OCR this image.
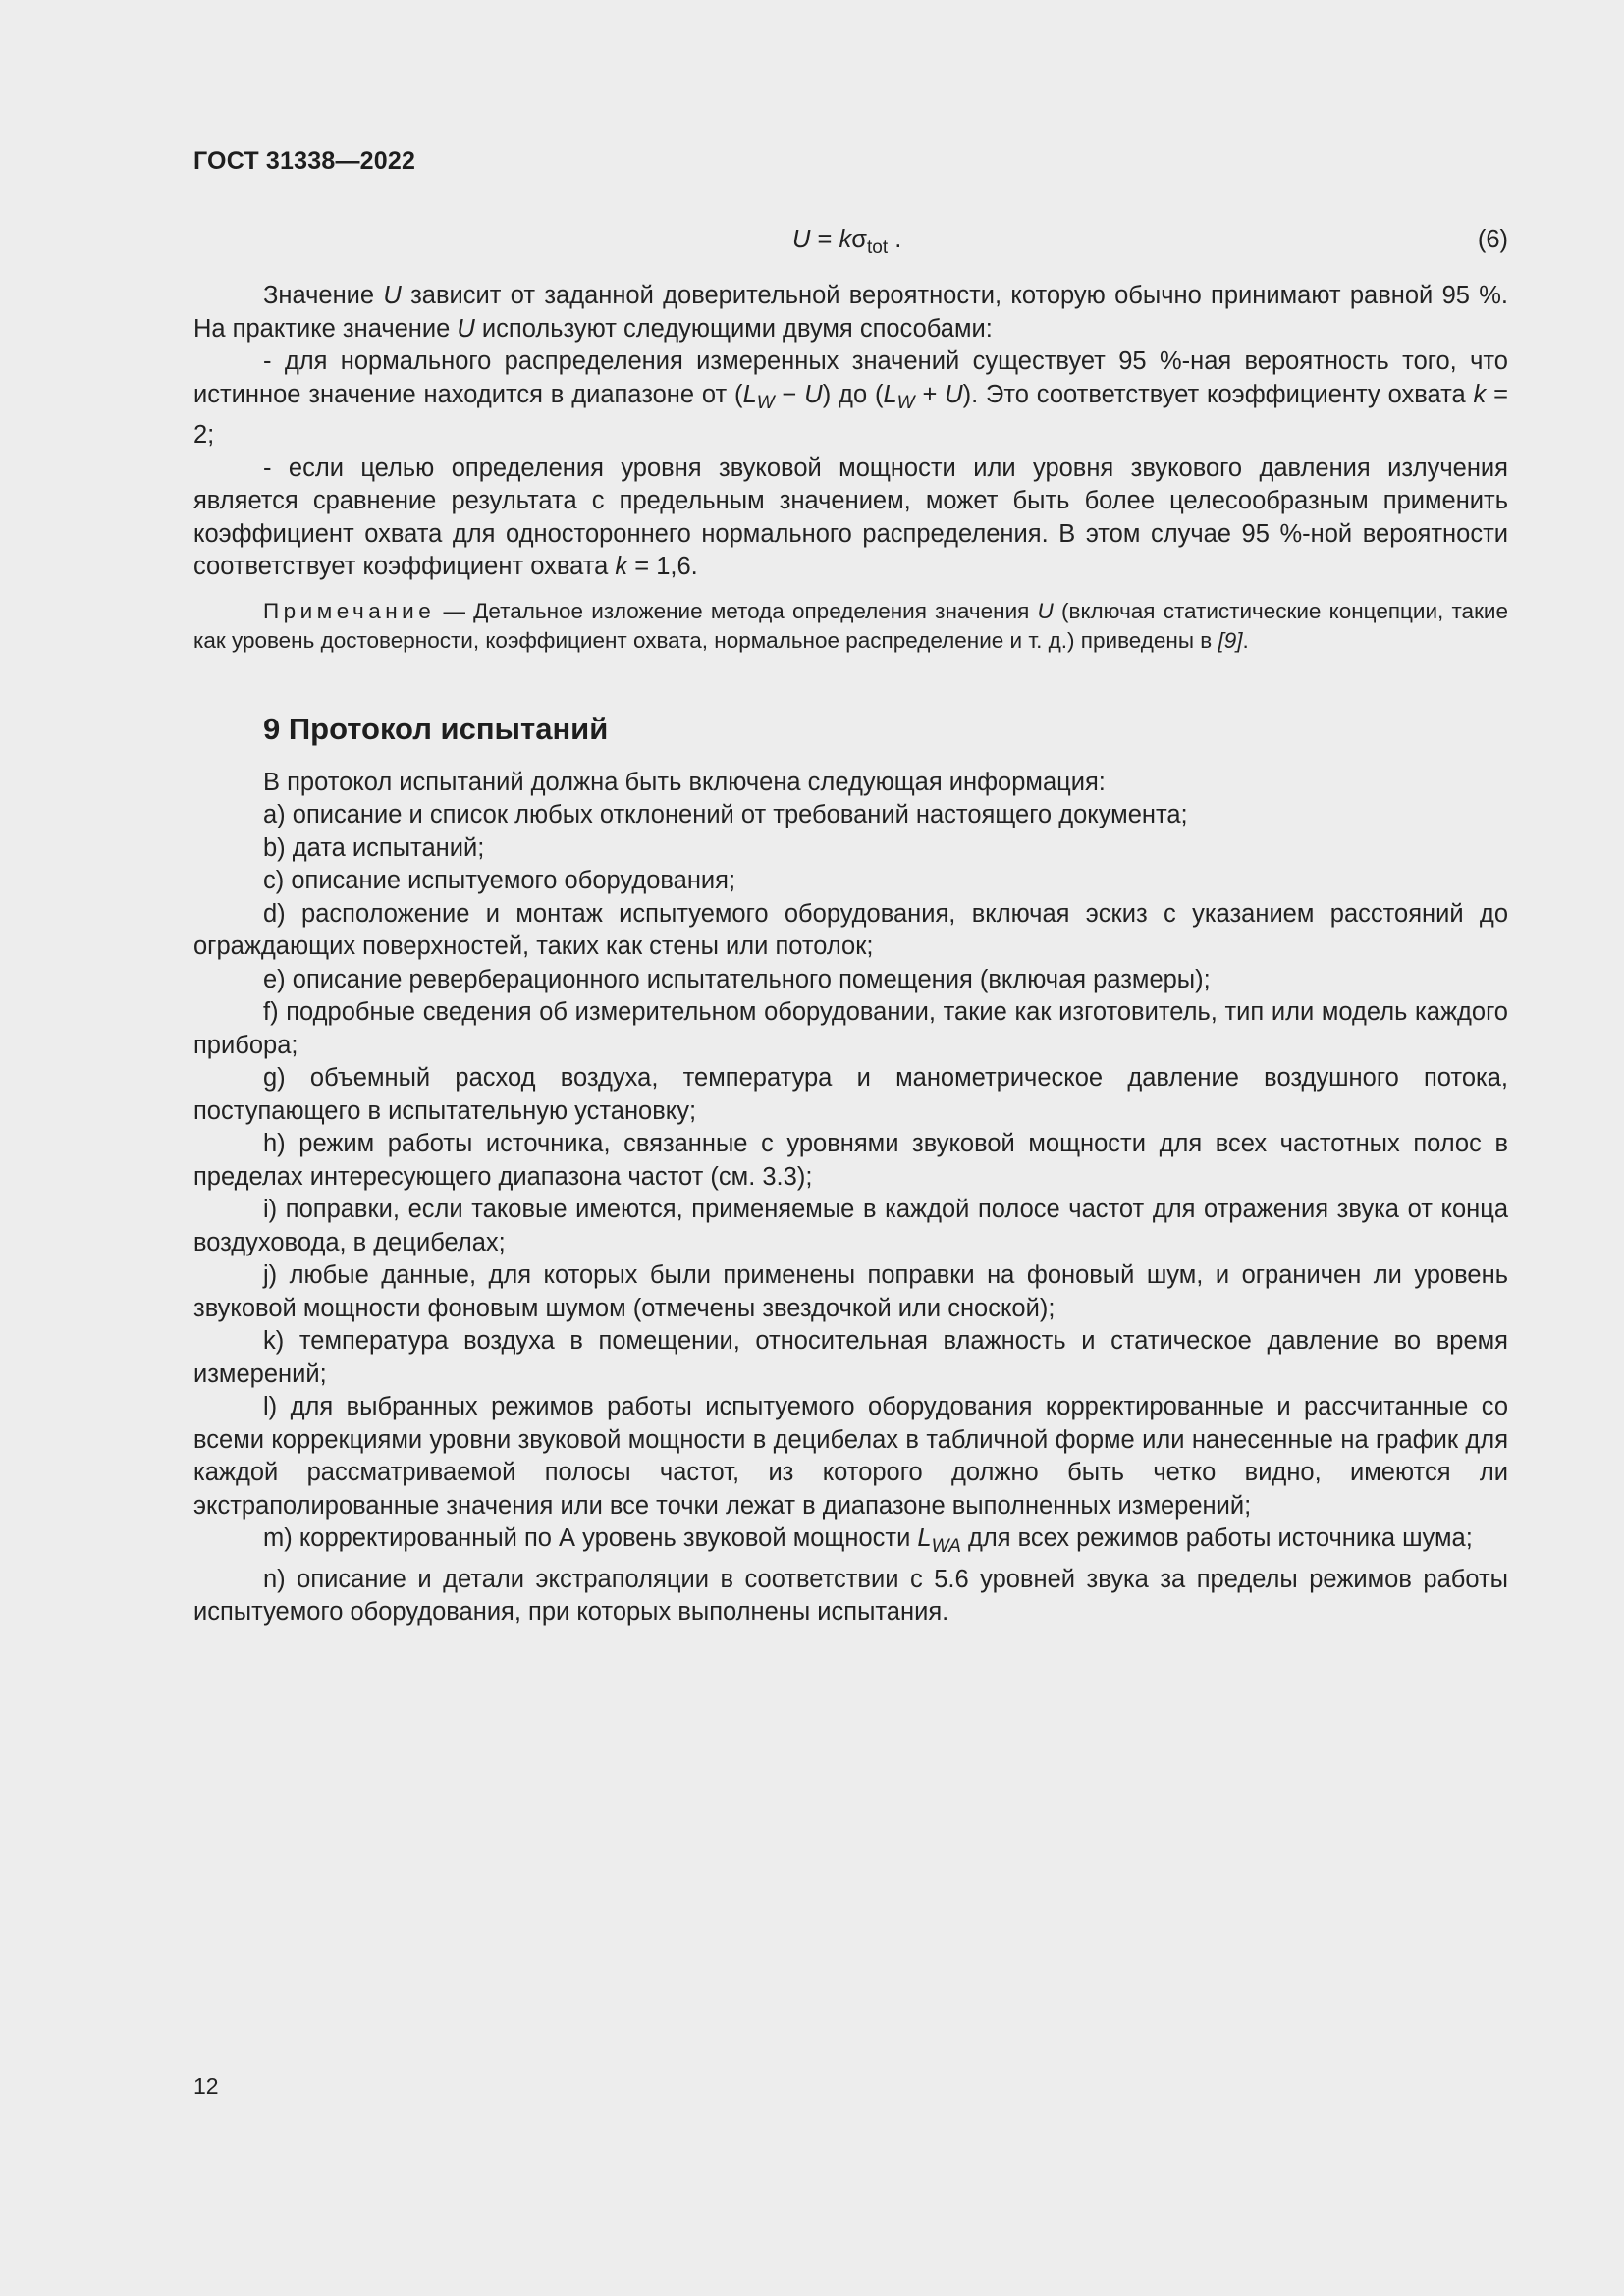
ГОСТ 31338—2022
$U = k\sigma_{tot}$ .	(6)

Значение U зависит от заданной доверительной вероятности, которую обычно принимают равной 95 %. На практике значение U используют следующими двумя способами:

- для нормального распределения измеренных значений существует 95 %-ная вероятность того, что истинное значение находится в диапазоне от $(L_W - U)$ до $(L_W + U)$. Это соответствует коэффициенту охвата k = 2;

- если целью определения уровня звуковой мощности или уровня звукового давления излучения является сравнение результата с предельным значением, может быть более целесообразным применить коэффициент охвата для одностороннего нормального распределения. В этом случае 95 %-ной вероятности соответствует коэффициент охвата k = 1,6.

Примечание — Детальное изложение метода определения значения U (включая статистические концепции, такие как уровень достоверности, коэффициент охвата, нормальное распределение и т. д.) приведены в [9].

9 Протокол испытаний

В протокол испытаний должна быть включена следующая информация:

a) описание и список любых отклонений от требований настоящего документа;

b) дата испытаний;

c) описание испытуемого оборудования;

d) расположение и монтаж испытуемого оборудования, включая эскиз с указанием расстояний до ограждающих поверхностей, таких как стены или потолок;

e) описание реверберационного испытательного помещения (включая размеры);

f) подробные сведения об измерительном оборудовании, такие как изготовитель, тип или модель каждого прибора;

g) объемный расход воздуха, температура и манометрическое давление воздушного потока, поступающего в испытательную установку;

h) режим работы источника, связанные с уровнями звуковой мощности для всех частотных полос в пределах интересующего диапазона частот (см. 3.3);

i) поправки, если таковые имеются, применяемые в каждой полосе частот для отражения звука от конца воздуховода, в децибелах;

j) любые данные, для которых были применены поправки на фоновый шум, и ограничен ли уровень звуковой мощности фоновым шумом (отмечены звездочкой или сноской);

k) температура воздуха в помещении, относительная влажность и статическое давление во время измерений;

l) для выбранных режимов работы испытуемого оборудования корректированные и рассчитанные со всеми коррекциями уровни звуковой мощности в децибелах в табличной форме или нанесенные на график для каждой рассматриваемой полосы частот, из которого должно быть четко видно, имеются ли экстраполированные значения или все точки лежат в диапазоне выполненных измерений;

m) корректированный по А уровень звуковой мощности $L_{WA}$ для всех режимов работы источника шума;

n) описание и детали экстраполяции в соответствии с 5.6 уровней звука за пределы режимов работы испытуемого оборудования, при которых выполнены испытания.

12
